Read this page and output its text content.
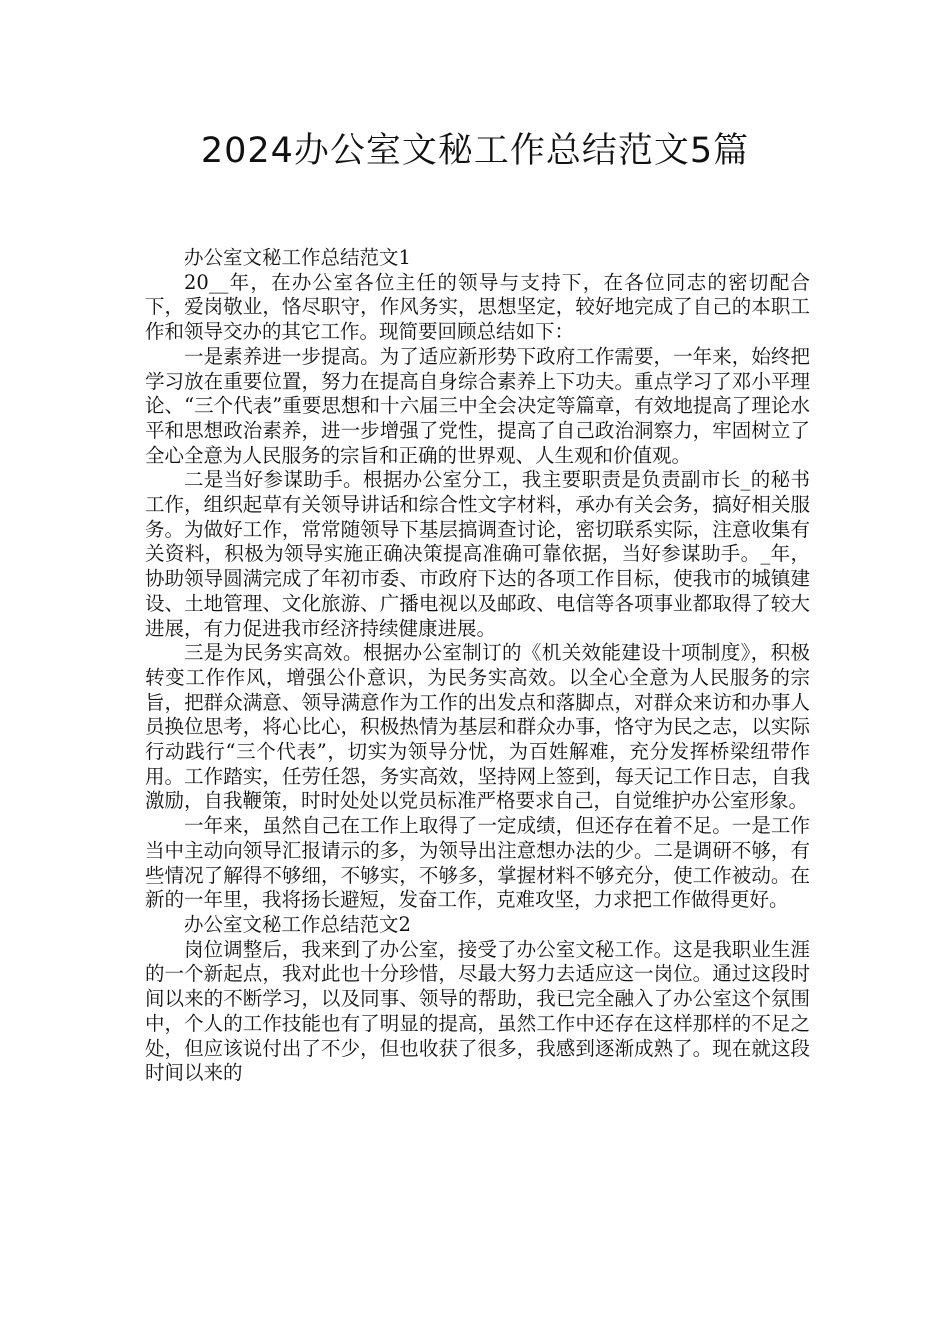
2024办公室文秘工作总结范文5篇

办公室文秘工作总结范文1

20__年，在办公室各位主任的领导与支持下，在各位同志的密切配合下，爱岗敬业，恪尽职守，作风务实，思想坚定，较好地完成了自己的本职工作和领导交办的其它工作。现简要回顾总结如下：

一是素养进一步提高。为了适应新形势下政府工作需要，一年来，始终把学习放在重要位置，努力在提高自身综合素养上下功夫。重点学习了邓小平理论、“三个代表”重要思想和十六届三中全会决定等篇章，有效地提高了理论水平和思想政治素养，进一步增强了党性，提高了自己政治洞察力，牢固树立了全心全意为人民服务的宗旨和正确的世界观、人生观和价值观。

二是当好参谋助手。根据办公室分工，我主要职责是负责副市长_的秘书工作，组织起草有关领导讲话和综合性文字材料，承办有关会务，搞好相关服务。为做好工作，常常随领导下基层搞调查讨论，密切联系实际，注意收集有关资料，积极为领导实施正确决策提高准确可靠依据，当好参谋助手。_年，协助领导圆满完成了年初市委、市政府下达的各项工作目标，使我市的城镇建设、土地管理、文化旅游、广播电视以及邮政、电信等各项事业都取得了较大进展，有力促进我市经济持续健康进展。

三是为民务实高效。根据办公室制订的《机关效能建设十项制度》，积极转变工作作风，增强公仆意识，为民务实高效。以全心全意为人民服务的宗旨，把群众满意、领导满意作为工作的出发点和落脚点，对群众来访和办事人员换位思考，将心比心，积极热情为基层和群众办事，恪守为民之志，以实际行动践行“三个代表”，切实为领导分忧，为百姓解难，充分发挥桥梁纽带作用。工作踏实，任劳任怨，务实高效，坚持网上签到，每天记工作日志，自我激励，自我鞭策，时时处处以党员标准严格要求自己，自觉维护办公室形象。

一年来，虽然自己在工作上取得了一定成绩，但还存在着不足。一是工作当中主动向领导汇报请示的多，为领导出注意想办法的少。二是调研不够，有些情况了解得不够细，不够实，不够多，掌握材料不够充分，使工作被动。在新的一年里，我将扬长避短，发奋工作，克难攻坚，力求把工作做得更好。

办公室文秘工作总结范文2

岗位调整后，我来到了办公室，接受了办公室文秘工作。这是我职业生涯的一个新起点，我对此也十分珍惜，尽最大努力去适应这一岗位。通过这段时间以来的不断学习，以及同事、领导的帮助，我已完全融入了办公室这个氛围中，个人的工作技能也有了明显的提高，虽然工作中还存在这样那样的不足之处，但应该说付出了不少，但也收获了很多，我感到逐渐成熟了。现在就这段时间以来的
